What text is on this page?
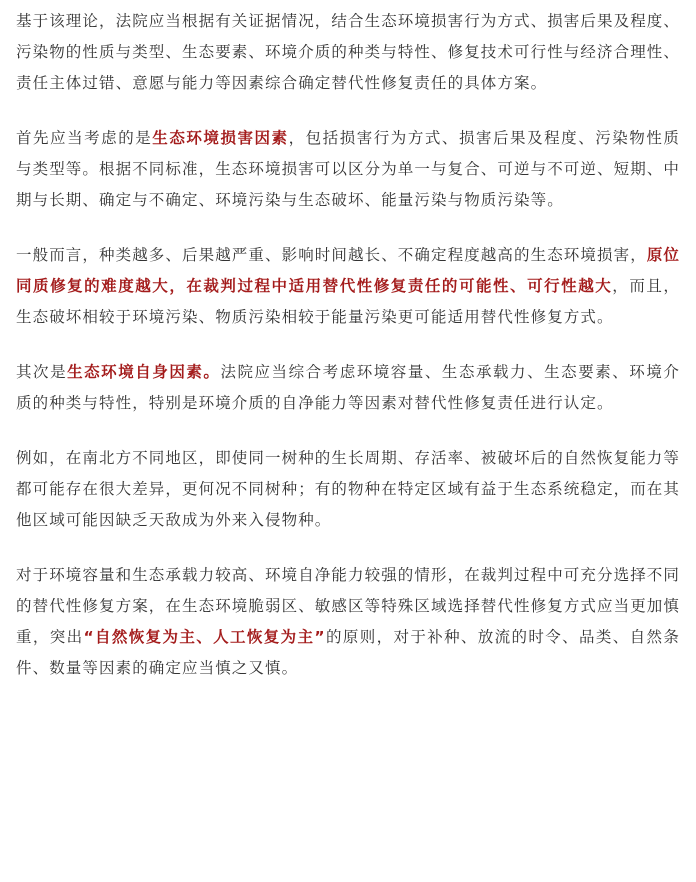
基于该理论，法院应当根据有关证据情况，结合生态环境损害行为方式、损害后果及程度、污染物的性质与类型、生态要素、环境介质的种类与特性、修复技术可行性与经济合理性、责任主体过错、意愿与能力等因素综合确定替代性修复责任的具体方案。

首先应当考虑的是生态环境损害因素，包括损害行为方式、损害后果及程度、污染物性质与类型等。根据不同标准，生态环境损害可以区分为单一与复合、可逆与不可逆、短期、中期与长期、确定与不确定、环境污染与生态破坏、能量污染与物质污染等。

一般而言，种类越多、后果越严重、影响时间越长、不确定程度越高的生态环境损害，原位同质修复的难度越大，在裁判过程中适用替代性修复责任的可能性、可行性越大，而且，生态破坏相较于环境污染、物质污染相较于能量污染更可能适用替代性修复方式。

其次是生态环境自身因素。法院应当综合考虑环境容量、生态承载力、生态要素、环境介质的种类与特性，特别是环境介质的自净能力等因素对替代性修复责任进行认定。

例如，在南北方不同地区，即使同一树种的生长周期、存活率、被破坏后的自然恢复能力等都可能存在很大差异，更何况不同树种；有的物种在特定区域有益于生态系统稳定，而在其他区域可能因缺乏天敌成为外来入侵物种。

对于环境容量和生态承载力较高、环境自净能力较强的情形，在裁判过程中可充分选择不同的替代性修复方案，在生态环境脆弱区、敏感区等特殊区域选择替代性修复方式应当更加慎重，突出“自然恢复为主、人工恢复为主”的原则，对于补种、放流的时令、品类、自然条件、数量等因素的确定应当慎之又慎。
